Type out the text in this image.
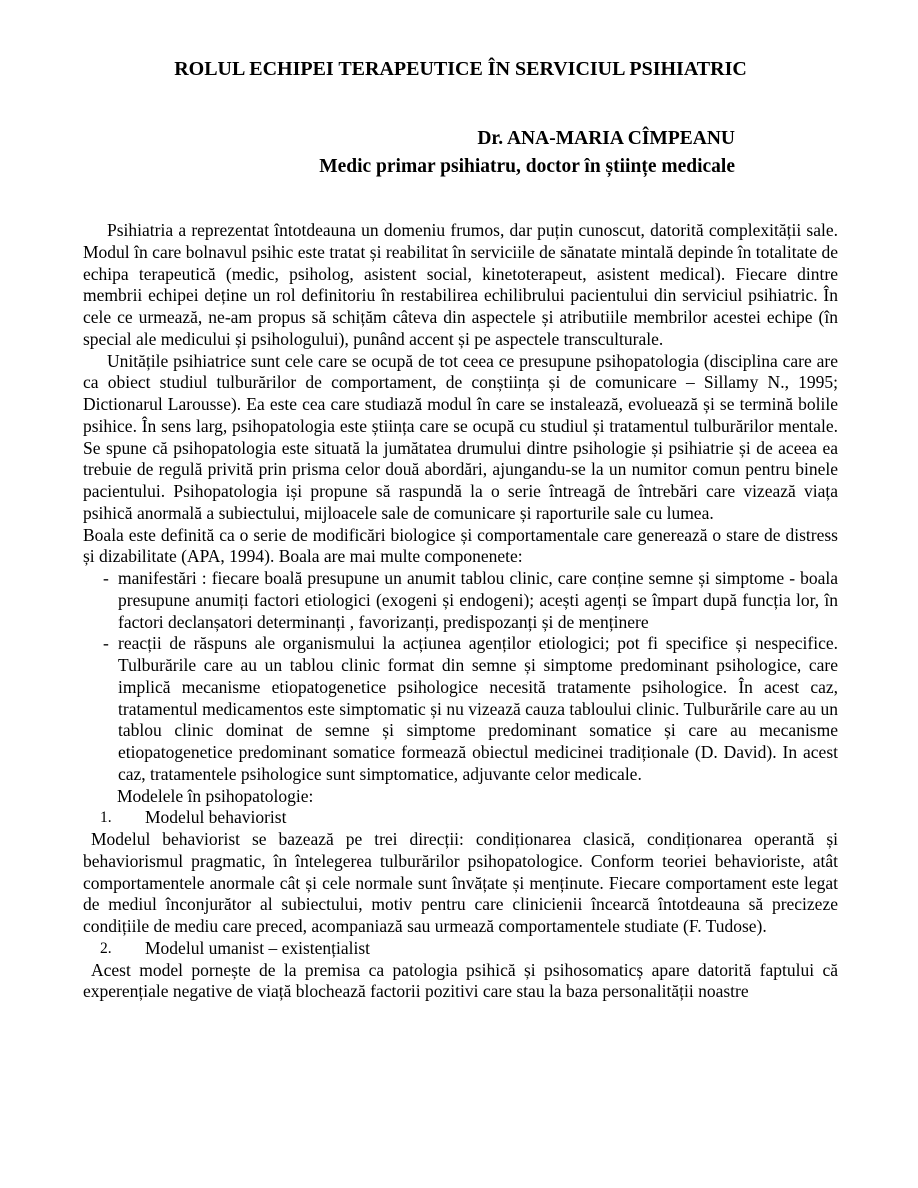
ROLUL ECHIPEI TERAPEUTICE ÎN SERVICIUL PSIHIATRIC
Dr. ANA-MARIA CÎMPEANU
Medic primar psihiatru, doctor în științe medicale

Psihiatria a reprezentat întotdeauna un domeniu frumos, dar puțin cunoscut, datorită complexității sale. Modul în care bolnavul psihic este tratat și reabilitat în serviciile de sănatate mintală depinde în totalitate de echipa terapeutică (medic, psiholog, asistent social, kinetoterapeut, asistent medical). Fiecare dintre membrii echipei deține un rol definitoriu în restabilirea echilibrului pacientului din serviciul psihiatric. În cele ce urmează, ne-am propus să schițăm câteva din aspectele și atributiile membrilor acestei echipe (în special ale medicului și psihologului), punând accent și pe aspectele transculturale.

Unitățile psihiatrice sunt cele care se ocupă de tot ceea ce presupune psihopatologia (disciplina care are ca obiect studiul tulburărilor de comportament, de conștiința și de comunicare – Sillamy N., 1995; Dictionarul Larousse). Ea este cea care studiază modul în care se instalează, evoluează și se termină bolile psihice. În sens larg, psihopatologia este știința care se ocupă cu studiul și tratamentul tulburărilor mentale. Se spune că psihopatologia este situată la jumătatea drumului dintre psihologie și psihiatrie și de aceea ea trebuie de regulă privită prin prisma celor două abordări, ajungandu-se la un numitor comun pentru binele pacientului. Psihopatologia iși propune să raspundă la o serie întreagă de întrebări care vizează viața psihică anormală a subiectului, mijloacele sale de comunicare și raporturile sale cu lumea.

Boala este definită ca o serie de modificări biologice și comportamentale care generează o stare de distress și dizabilitate (APA, 1994). Boala are mai multe componenete:

- manifestări : fiecare boală presupune un anumit tablou clinic, care conține semne și simptome - boala presupune anumiți factori etiologici (exogeni și endogeni); acești agenți se împart după funcția lor, în factori declanșatori determinanți , favorizanți, predispozanți și de menținere
- reacții de răspuns ale organismului la acțiunea agenților etiologici; pot fi specifice și nespecifice. Tulburările care au un tablou clinic format din semne și simptome predominant psihologice, care implică mecanisme etiopatogenetice psihologice necesită tratamente psihologice. În acest caz, tratamentul medicamentos este simptomatic și nu vizează cauza tabloului clinic. Tulburările care au un tablou clinic dominat de semne și simptome predominant somatice și care au mecanisme etiopatogenetice predominant somatice formează obiectul medicinei tradiționale (D. David). In acest caz, tratamentele psihologice sunt simptomatice, adjuvante celor medicale.

Modelele în psihopatologie:

1.	Modelul behaviorist

Modelul behaviorist se bazează pe trei direcții: condiționarea clasică, condiționarea operantă și behaviorismul pragmatic, în întelegerea tulburărilor psihopatologice. Conform teoriei behavioriste, atât comportamentele anormale cât și cele normale sunt învățate și menținute. Fiecare comportament este legat de mediul înconjurător al subiectului, motiv pentru care clinicienii încearcă întotdeauna să precizeze condițiile de mediu care preced, acompaniază sau urmează comportamentele studiate (F. Tudose).

2.	Modelul umanist – existențialist

Acest model pornește de la premisa ca patologia psihică și psihosomaticș apare datorită faptului că experențiale negative de viață blochează factorii pozitivi care stau la baza personalității noastre
